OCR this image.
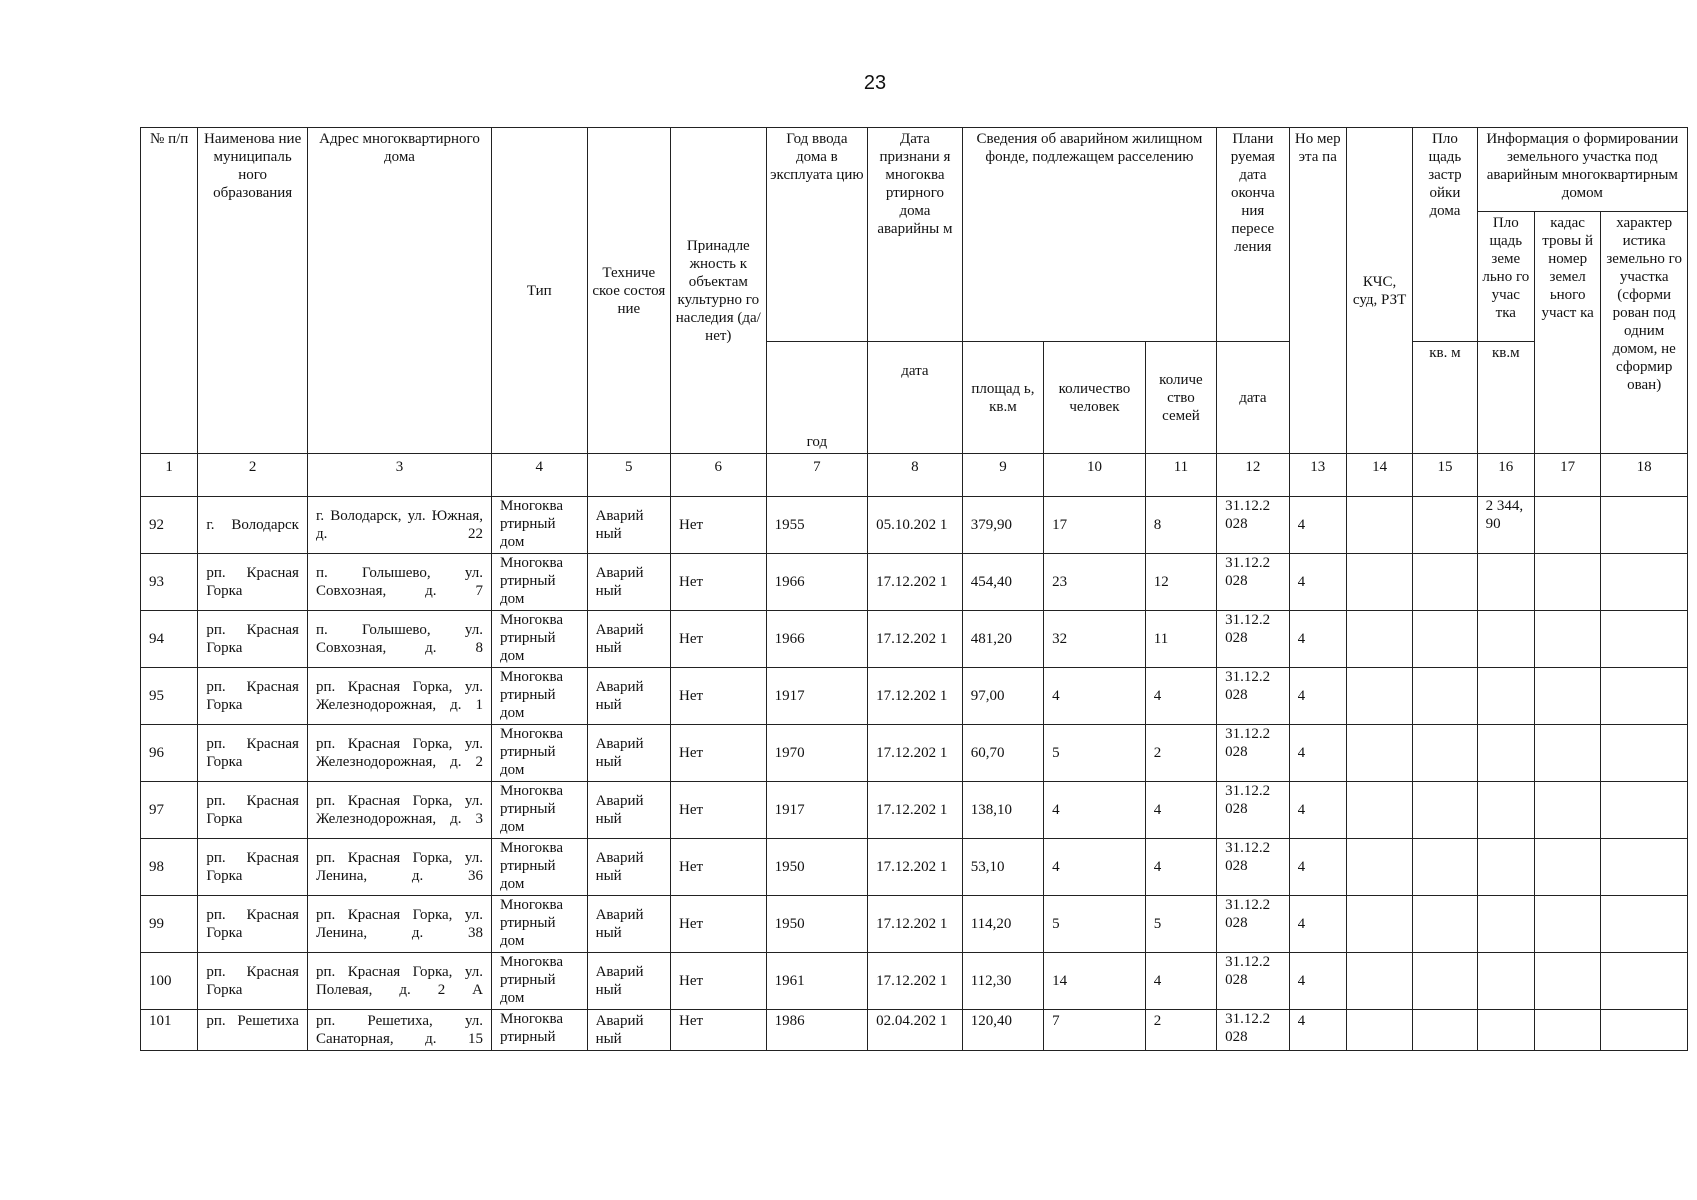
23
№ п/п	Наименова ние муниципаль ного образования	Адрес многоквартирного дома	Тип	Техниче ское состоя ние	Принадле жность к объектам культурно го наследия (да/нет)	Год ввода дома в эксплуата цию	Дата признани я многоква ртирного дома аварийны м	Сведения об аварийном жилищном фонде, подлежащем расселению			Плани руемая дата оконча ния пересе ления	Но мер эта па	КЧС, суд, РЗТ	Пло щадь застр ойки дома	Информация о формировании земельного участка под аварийным многоквартирным домом		
															Пло щадь земе льно го учас тка	кадас тровы й номер земел ьного участ ка	характер истика земельно го участка (сформи рован под одним домом, не сформир ован)
						год	дата	площад ь, кв.м	количество человек	количе ство семей	дата			кв. м	кв.м		
1	2	3	4	5	6	7	8	9	10	11	12	13	14	15	16	17	18

92	г. Володарск	г. Володарск, ул. Южная, д. 22	Многоква ртирный дом	Аварий ный	Нет	1955	05.10.202 1	379,90	17	8	31.12.2 028	4			2 344, 90		

93	рп. Красная Горка	п. Голышево, ул. Совхозная, д. 7	Многоква ртирный дом	Аварий ный	Нет	1966	17.12.202 1	454,40	23	12	31.12.2 028	4					

94	рп. Красная Горка	п. Голышево, ул. Совхозная, д. 8	Многоква ртирный дом	Аварий ный	Нет	1966	17.12.202 1	481,20	32	11	31.12.2 028	4					

95	рп. Красная Горка	рп. Красная Горка, ул. Железнодорожная, д. 1	Многоква ртирный дом	Аварий ный	Нет	1917	17.12.202 1	97,00	4	4	31.12.2 028	4					

96	рп. Красная Горка	рп. Красная Горка, ул. Железнодорожная, д. 2	Многоква ртирный дом	Аварий ный	Нет	1970	17.12.202 1	60,70	5	2	31.12.2 028	4					

97	рп. Красная Горка	рп. Красная Горка, ул. Железнодорожная, д. 3	Многоква ртирный дом	Аварий ный	Нет	1917	17.12.202 1	138,10	4	4	31.12.2 028	4					

98	рп. Красная Горка	рп. Красная Горка, ул. Ленина, д. 36	Многоква ртирный дом	Аварий ный	Нет	1950	17.12.202 1	53,10	4	4	31.12.2 028	4					

99	рп. Красная Горка	рп. Красная Горка, ул. Ленина, д. 38	Многоква ртирный дом	Аварий ный	Нет	1950	17.12.202 1	114,20	5	5	31.12.2 028	4					

100	рп. Красная Горка	рп. Красная Горка, ул. Полевая, д. 2 А	Многоква ртирный дом	Аварий ный	Нет	1961	17.12.202 1	112,30	14	4	31.12.2 028	4					

101	рп. Решетиха	рп. Решетиха, ул. Санаторная, д. 15	Многоква ртирный	Аварий ный	Нет	1986	02.04.202 1	120,40	7	2	31.12.2 028	4					
